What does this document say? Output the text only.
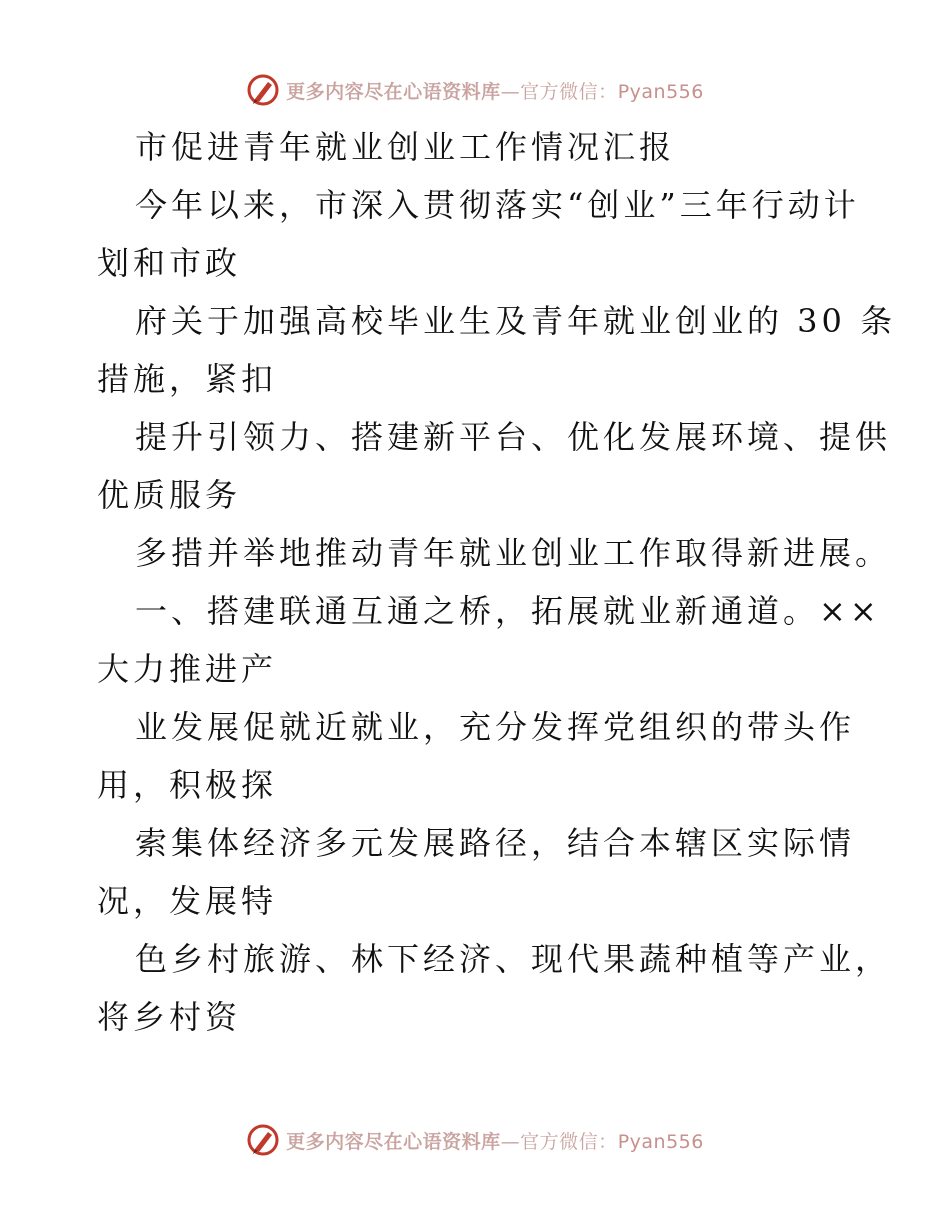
更多内容尽在心语资料库—官方微信：Pyan556

市促进青年就业创业工作情况汇报

今年以来，市深入贯彻落实“创业”三年行动计

划和市政

府关于加强高校毕业生及青年就业创业的 30 条

措施，紧扣

提升引领力、搭建新平台、优化发展环境、提供

优质服务

多措并举地推动青年就业创业工作取得新进展。

一、搭建联通互通之桥，拓展就业新通道。××

大力推进产

业发展促就近就业，充分发挥党组织的带头作

用，积极探

索集体经济多元发展路径，结合本辖区实际情

况，发展特

色乡村旅游、林下经济、现代果蔬种植等产业，

将乡村资

更多内容尽在心语资料库—官方微信：Pyan556
